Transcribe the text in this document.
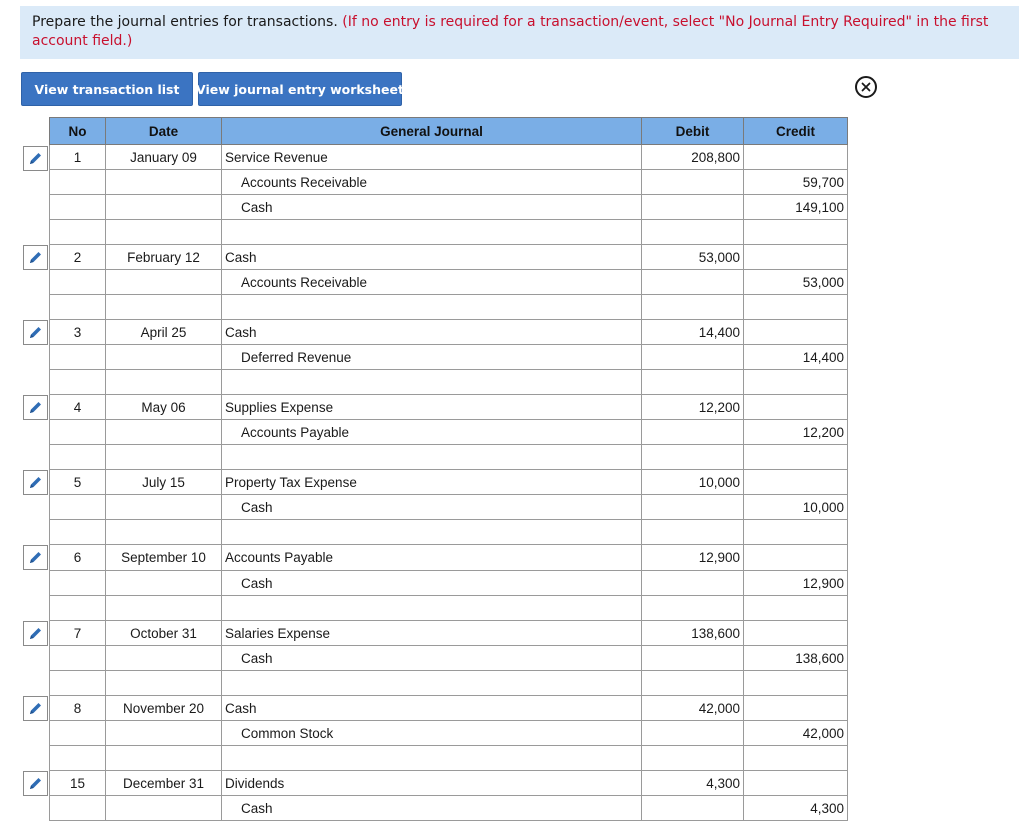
Prepare the journal entries for transactions. (If no entry is required for a transaction/event, select "No Journal Entry Required" in the first account field.)
View transaction list	View journal entry worksheet
No	Date	General Journal	Debit	Credit
1	January 09	Service Revenue	208,800	
		Accounts Receivable		59,700
		Cash		149,100

2	February 12	Cash	53,000	
		Accounts Receivable		53,000

3	April 25	Cash	14,400	
		Deferred Revenue		14,400

4	May 06	Supplies Expense	12,200	
		Accounts Payable		12,200

5	July 15	Property Tax Expense	10,000	
		Cash		10,000

6	September 10	Accounts Payable	12,900	
		Cash		12,900

7	October 31	Salaries Expense	138,600	
		Cash		138,600

8	November 20	Cash	42,000	
		Common Stock		42,000

15	December 31	Dividends	4,300	
		Cash		4,300
